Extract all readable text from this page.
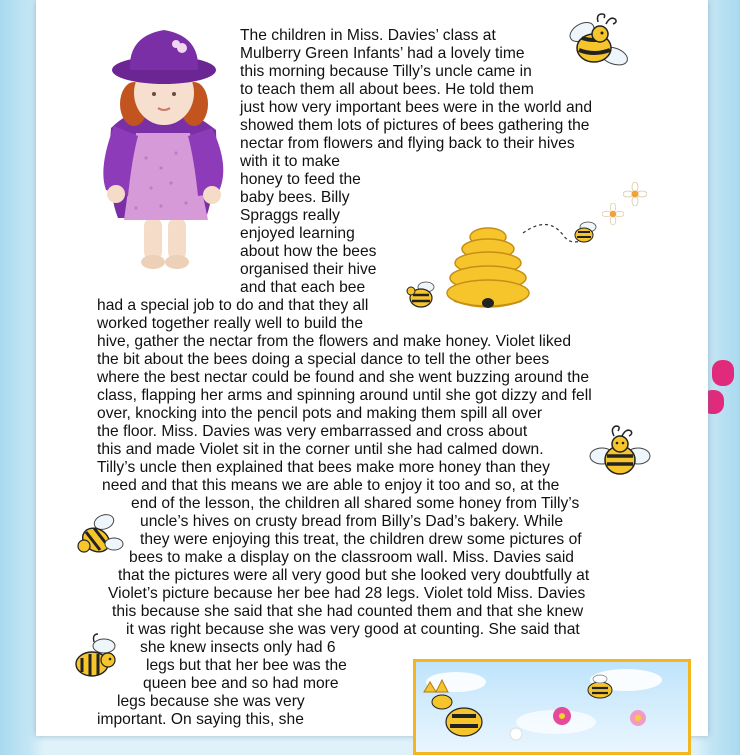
The children in Miss. Davies’ class at
Mulberry Green Infants’ had a lovely time
this morning because Tilly’s uncle came in
to teach them all about bees. He told them
just how very important bees were in the world and
showed them lots of pictures of bees gathering the
nectar from flowers and flying back to their hives
with it to make
honey to feed the
baby bees. Billy
Spraggs really
enjoyed learning
about how the bees
organised their hive
and that each bee
had a special job to do and that they all
worked together really well to build the
hive, gather the nectar from the flowers and make honey. Violet liked
the bit about the bees doing a special dance to tell the other bees
where the best nectar could be found and she went buzzing around the
class, flapping her arms and spinning around until she got dizzy and fell
over, knocking into the pencil pots and making them spill all over
the floor. Miss. Davies was very embarrassed and cross about
this and made Violet sit in the corner until she had calmed down.
Tilly’s uncle then explained that bees make more honey than they
need and that this means we are able to enjoy it too and so, at the
end of the lesson, the children all shared some honey from Tilly’s
uncle’s hives on crusty bread from Billy’s Dad’s bakery. While
they were enjoying this treat, the children drew some pictures of
bees to make a display on the classroom wall. Miss. Davies said
that the pictures were all very good but she looked very doubtfully at
Violet’s picture because her bee had 28 legs. Violet told Miss. Davies
this because she said that she had counted them and that she knew
it was right because she was very good at counting. She said that
she knew insects only had 6
legs but that her bee was the
queen bee and so had more
legs because she was very
important. On saying this, she
